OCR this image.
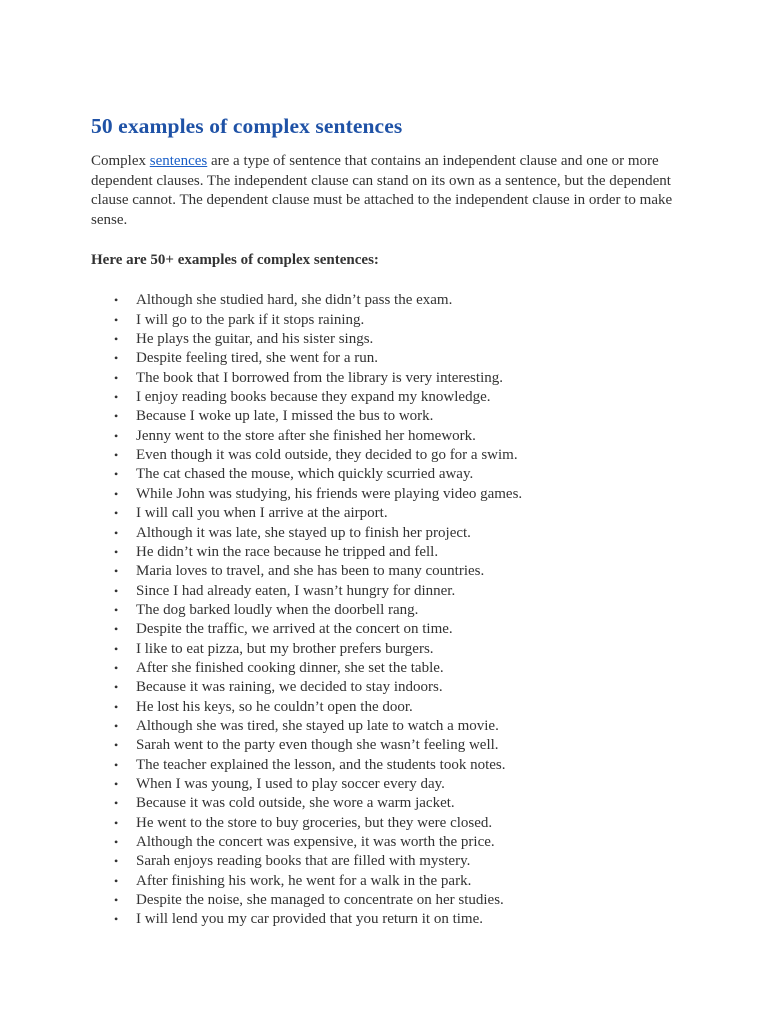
50 examples of complex sentences

Complex sentences are a type of sentence that contains an independent clause and one or more dependent clauses. The independent clause can stand on its own as a sentence, but the dependent clause cannot. The dependent clause must be attached to the independent clause in order to make sense.

Here are 50+ examples of complex sentences:

• Although she studied hard, she didn’t pass the exam.
• I will go to the park if it stops raining.
• He plays the guitar, and his sister sings.
• Despite feeling tired, she went for a run.
• The book that I borrowed from the library is very interesting.
• I enjoy reading books because they expand my knowledge.
• Because I woke up late, I missed the bus to work.
• Jenny went to the store after she finished her homework.
• Even though it was cold outside, they decided to go for a swim.
• The cat chased the mouse, which quickly scurried away.
• While John was studying, his friends were playing video games.
• I will call you when I arrive at the airport.
• Although it was late, she stayed up to finish her project.
• He didn’t win the race because he tripped and fell.
• Maria loves to travel, and she has been to many countries.
• Since I had already eaten, I wasn’t hungry for dinner.
• The dog barked loudly when the doorbell rang.
• Despite the traffic, we arrived at the concert on time.
• I like to eat pizza, but my brother prefers burgers.
• After she finished cooking dinner, she set the table.
• Because it was raining, we decided to stay indoors.
• He lost his keys, so he couldn’t open the door.
• Although she was tired, she stayed up late to watch a movie.
• Sarah went to the party even though she wasn’t feeling well.
• The teacher explained the lesson, and the students took notes.
• When I was young, I used to play soccer every day.
• Because it was cold outside, she wore a warm jacket.
• He went to the store to buy groceries, but they were closed.
• Although the concert was expensive, it was worth the price.
• Sarah enjoys reading books that are filled with mystery.
• After finishing his work, he went for a walk in the park.
• Despite the noise, she managed to concentrate on her studies.
• I will lend you my car provided that you return it on time.
